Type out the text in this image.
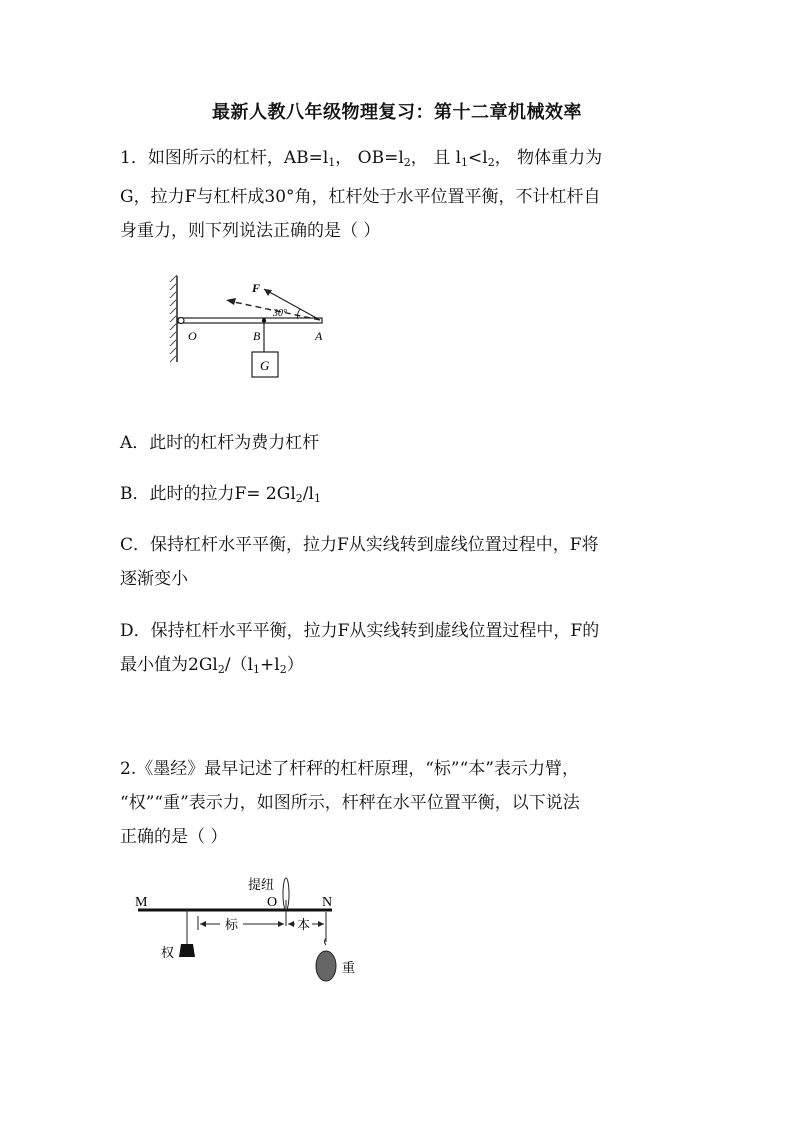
最新人教八年级物理复习：第十二章机械效率
1．如图所示的杠杆，$AB=l_1$， $OB=l_2$， 且 $l_1<l_2$， 物体重力为
G，拉力F与杠杆成30°角，杠杆处于水平位置平衡，不计杠杆自
身重力，则下列说法正确的是（ ）
F
30°
O	B	A
G
A．此时的杠杆为费力杠杆
B．此时的拉力$F= 2Gl_2/l_1$
C．保持杠杆水平平衡，拉力F从实线转到虚线位置过程中，F将
逐渐变小
D．保持杠杆水平平衡，拉力F从实线转到虚线位置过程中，F的
最小值为$2Gl_2/(l_1+l_2)$
2.《墨经》最早记述了杆秤的杠杆原理，“标”“本”表示力臂，
“权”“重”表示力，如图所示，杆秤在水平位置平衡，以下说法
正确的是（ ）
M	O	N
提纽
标	本
权
重
